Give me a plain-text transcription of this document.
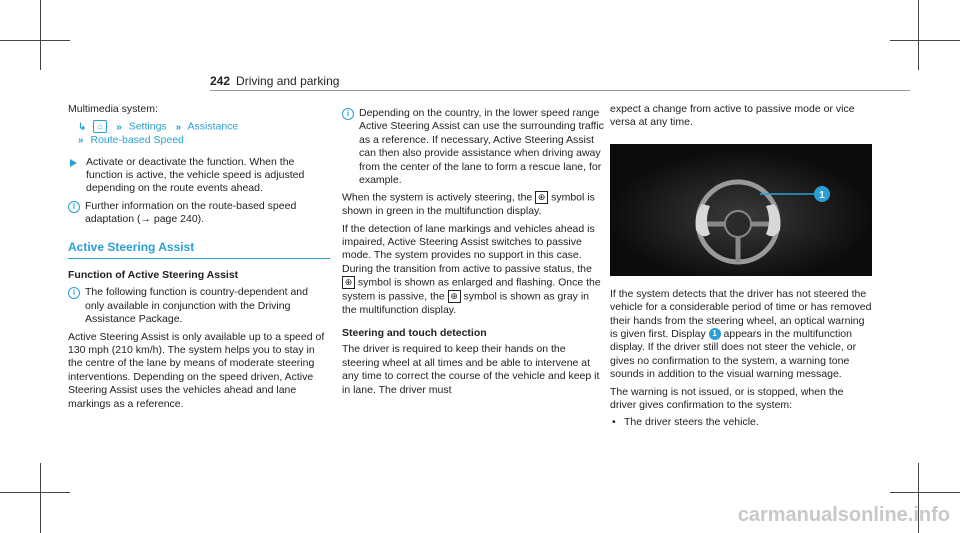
242 Driving and parking

Multimedia system:

↳ ⌂ » Settings » Assistance
» Route-based Speed
Activate or deactivate the function. When the function is active, the vehicle speed is adjusted depending on the route events ahead.
i Further information on the route-based speed adaptation (→ page 240).
Active Steering Assist
Function of Active Steering Assist
i The following function is country-dependent and only available in conjunction with the Driving Assistance Package.

Active Steering Assist is only available up to a speed of 130 mph (210 km/h). The system helps you to stay in the centre of the lane by means of moderate steering interventions. Depending on the speed driven, Active Steering Assist uses the vehicles ahead and lane markings as a reference.

i Depending on the country, in the lower speed range Active Steering Assist can use the surrounding traffic as a reference. If necessary, Active Steering Assist can then also provide assistance when driving away from the center of the lane to form a rescue lane, for example.

When the system is actively steering, the ⊕ symbol is shown in green in the multifunction display.

If the detection of lane markings and vehicles ahead is impaired, Active Steering Assist switches to passive mode. The system provides no support in this case. During the transition from active to passive status, the ⊕ symbol is shown as enlarged and flashing. Once the system is passive, the ⊕ symbol is shown as gray in the multifunction display.

Steering and touch detection

The driver is required to keep their hands on the steering wheel at all times and be able to intervene at any time to correct the course of the vehicle and keep it in lane. The driver must

expect a change from active to passive mode or vice versa at any time.

1

If the system detects that the driver has not steered the vehicle for a considerable period of time or has removed their hands from the steering wheel, an optical warning is given first. Display 1 appears in the multifunction display. If the driver still does not steer the vehicle, or gives no confirmation to the system, a warning tone sounds in addition to the visual warning message.

The warning is not issued, or is stopped, when the driver gives confirmation to the system:

• The driver steers the vehicle.
carmanualsonline.info
